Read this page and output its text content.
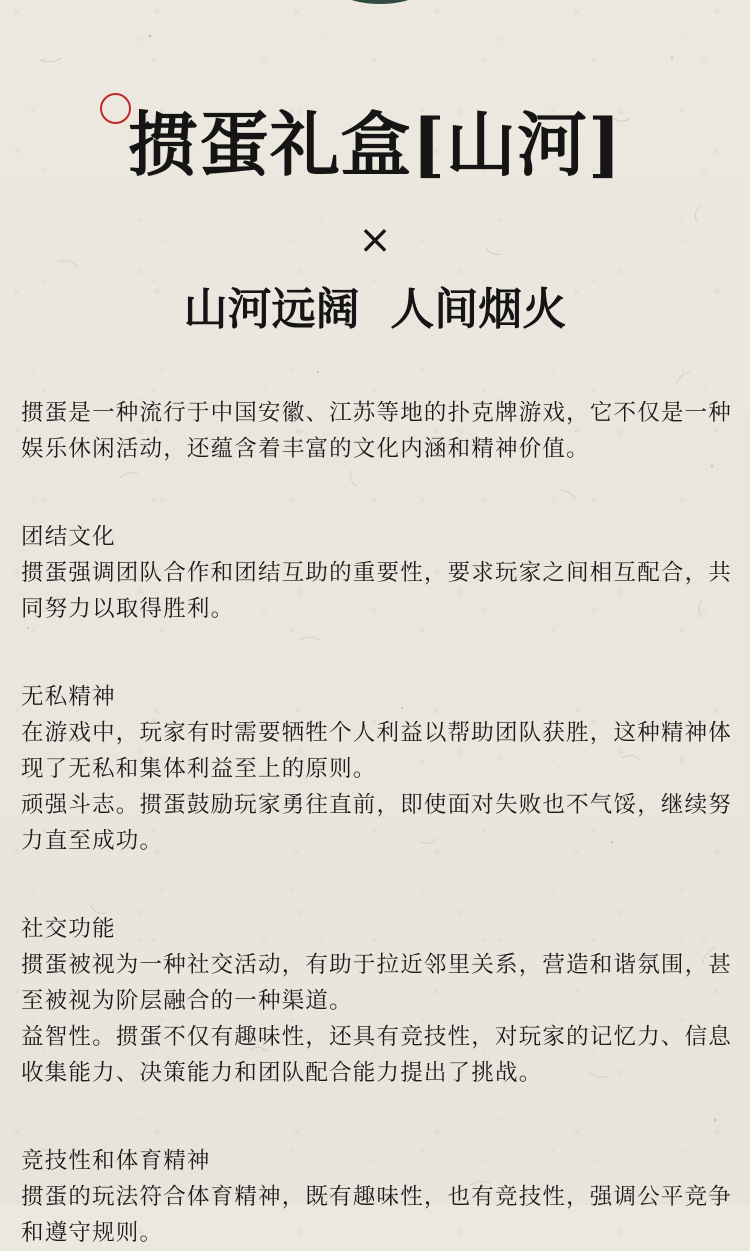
掼蛋礼盒[山河]
×
山河远阔  人间烟火

掼蛋是一种流行于中国安徽、江苏等地的扑克牌游戏，它不仅是一种娱乐休闲活动，还蕴含着丰富的文化内涵和精神价值。

团结文化

掼蛋强调团队合作和团结互助的重要性，要求玩家之间相互配合，共同努力以取得胜利。

无私精神

在游戏中，玩家有时需要牺牲个人利益以帮助团队获胜，这种精神体现了无私和集体利益至上的原则。

顽强斗志。掼蛋鼓励玩家勇往直前，即使面对失败也不气馁，继续努力直至成功。

社交功能

掼蛋被视为一种社交活动，有助于拉近邻里关系，营造和谐氛围，甚至被视为阶层融合的一种渠道。

益智性。掼蛋不仅有趣味性，还具有竞技性，对玩家的记忆力、信息收集能力、决策能力和团队配合能力提出了挑战。

竞技性和体育精神

掼蛋的玩法符合体育精神，既有趣味性，也有竞技性，强调公平竞争和遵守规则。
